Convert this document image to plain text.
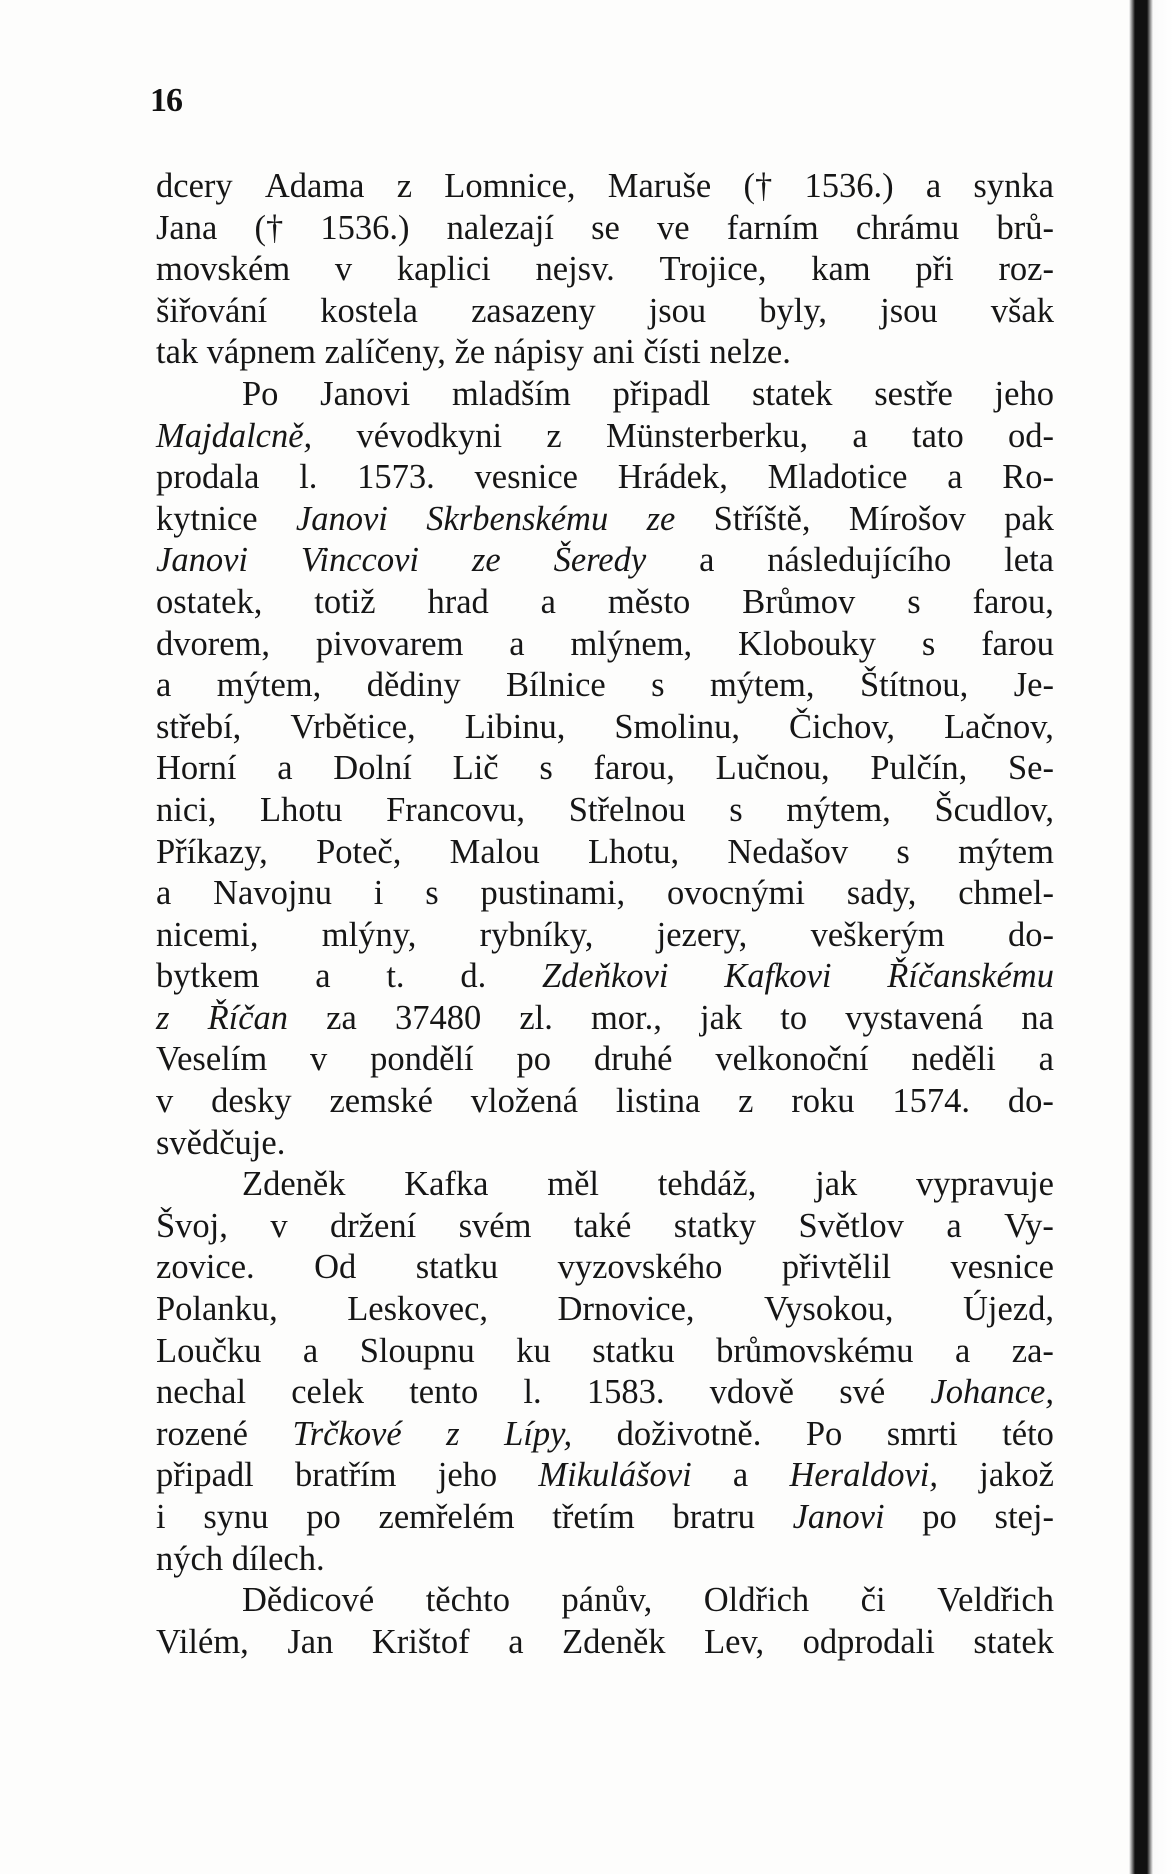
16
dcery Adama z Lomnice, Maruše († 1536.) a synka
Jana († 1536.) nalezají se ve farním chrámu brů-
movském v kaplici nejsv. Trojice, kam při roz-
šiřování kostela zasazeny jsou byly, jsou však
tak vápnem zalíčeny, že nápisy ani čísti nelze.
Po Janovi mladším připadl statek sestře jeho
Majdalcně, vévodkyni z Münsterberku, a tato od-
prodala l. 1573. vesnice Hrádek, Mladotice a Ro-
kytnice Janovi Skrbenskému ze Stříště, Mírošov pak
Janovi Vinccovi ze Šeredy a následujícího leta
ostatek, totiž hrad a město Brůmov s farou,
dvorem, pivovarem a mlýnem, Klobouky s farou
a mýtem, dědiny Bílnice s mýtem, Štítnou, Je-
střebí, Vrbětice, Libinu, Smolinu, Čichov, Lačnov,
Horní a Dolní Lič s farou, Lučnou, Pulčín, Se-
nici, Lhotu Francovu, Střelnou s mýtem, Šcudlov,
Příkazy, Poteč, Malou Lhotu, Nedašov s mýtem
a Navojnu i s pustinami, ovocnými sady, chmel-
nicemi, mlýny, rybníky, jezery, veškerým do-
bytkem a t. d. Zdeňkovi Kafkovi Říčanskému
z Říčan za 37480 zl. mor., jak to vystavená na
Veselím v pondělí po druhé velkonoční neděli a
v desky zemské vložená listina z roku 1574. do-
svědčuje.
Zdeněk Kafka měl tehdáž, jak vypravuje
Švoj, v držení svém také statky Světlov a Vy-
zovice. Od statku vyzovského přivtělil vesnice
Polanku, Leskovec, Drnovice, Vysokou, Újezd,
Loučku a Sloupnu ku statku brůmovskému a za-
nechal celek tento l. 1583. vdově své Johance,
rozené Trčkové z Lípy, doživotně. Po smrti této
připadl bratřím jeho Mikulášovi a Heraldovi, jakož
i synu po zemřelém třetím bratru Janovi po stej-
ných dílech.
Dědicové těchto pánův, Oldřich či Veldřich
Vilém, Jan Krištof a Zdeněk Lev, odprodali statek
